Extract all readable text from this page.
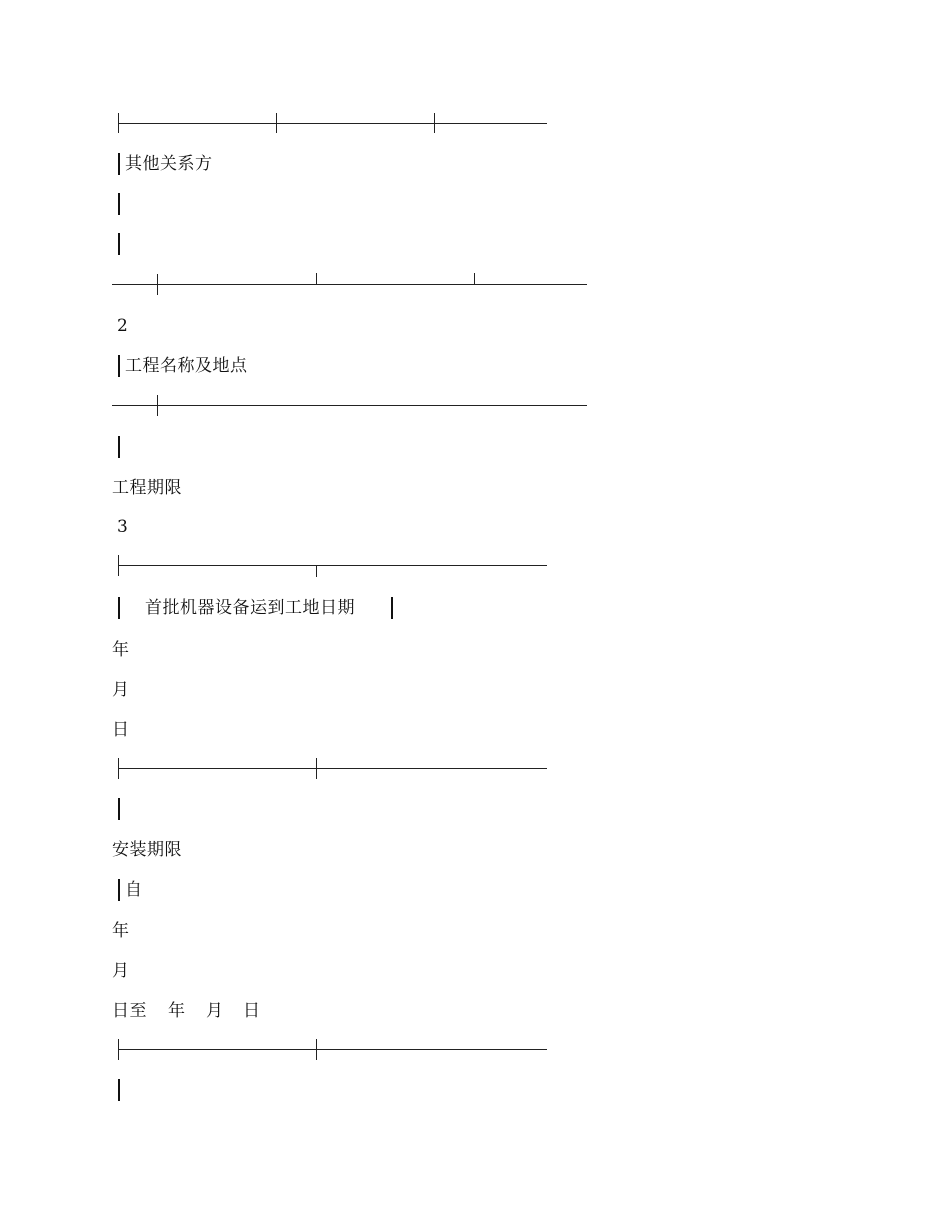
其他关系方
2
工程名称及地点
工程期限
3
首批机器设备运到工地日期
年
月
日
安装期限
自
年
月
日至 年 月 日
